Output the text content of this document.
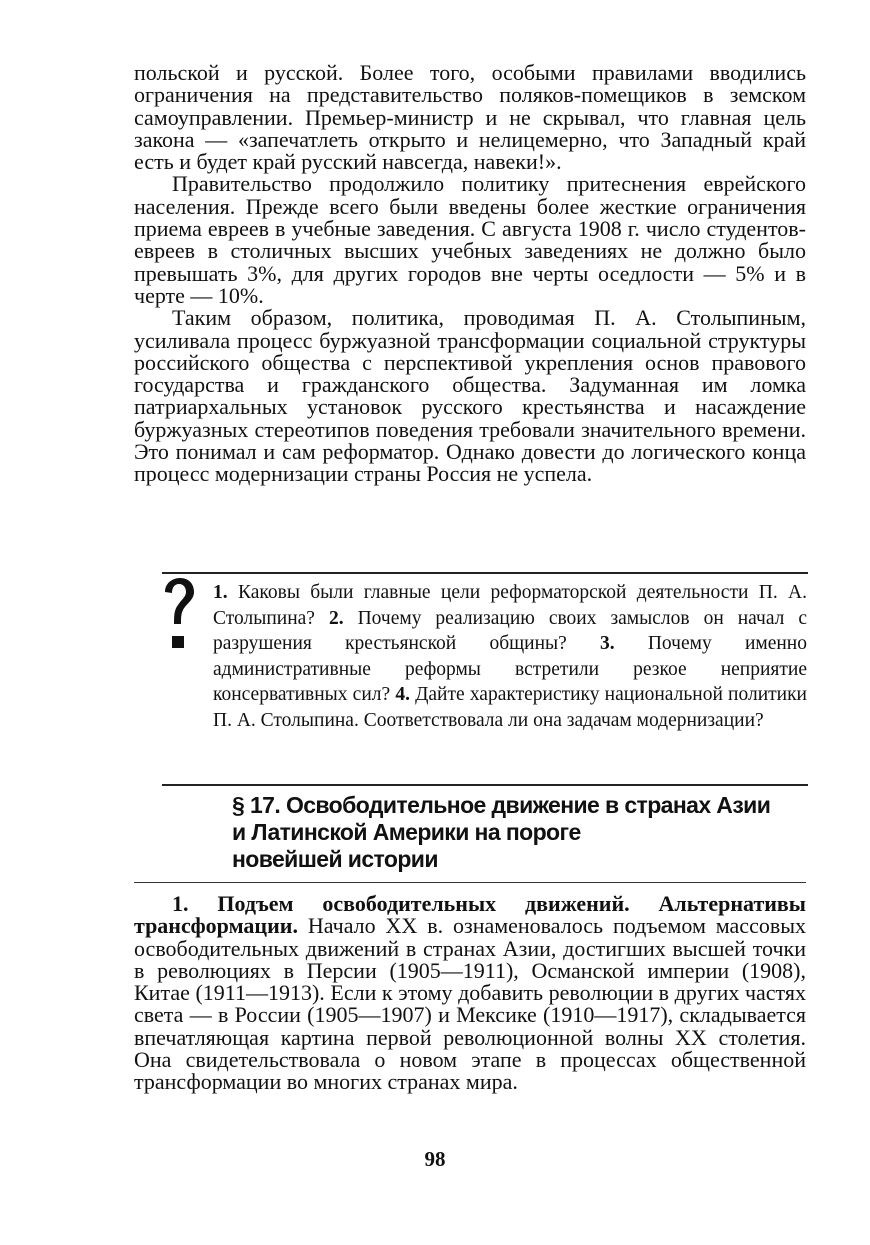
польской и русской. Более того, особыми правилами вводились ограничения на представительство поляков-помещиков в земском самоуправлении. Премьер-министр и не скрывал, что главная цель закона — «запечатлеть открыто и нелицемерно, что Западный край есть и будет край русский навсегда, навеки!».

Правительство продолжило политику притеснения еврейского населения. Прежде всего были введены более жесткие ограничения приема евреев в учебные заведения. С августа 1908 г. число студентов-евреев в столичных высших учебных заведениях не должно было превышать 3%, для других городов вне черты оседлости — 5% и в черте — 10%.

Таким образом, политика, проводимая П. А. Столыпиным, усиливала процесс буржуазной трансформации социальной структуры российского общества с перспективой укрепления основ правового государства и гражданского общества. Задуманная им ломка патриархальных установок русского крестьянства и насаждение буржуазных стереотипов поведения требовали значительного времени. Это понимал и сам реформатор. Однако довести до логического конца процесс модернизации страны Россия не успела.

1. Каковы были главные цели реформаторской деятельности П. А. Столыпина? 2. Почему реализацию своих замыслов он начал с разрушения крестьянской общины? 3. Почему именно административные реформы встретили резкое неприятие консервативных сил? 4. Дайте характеристику национальной политики П. А. Столыпина. Соответствовала ли она задачам модернизации?

§ 17. Освободительное движение в странах Азии
и Латинской Америки на пороге
новейшей истории

1. Подъем освободительных движений. Альтернативы трансформации. Начало XX в. ознаменовалось подъемом массовых освободительных движений в странах Азии, достигших высшей точки в революциях в Персии (1905—1911), Османской империи (1908), Китае (1911—1913). Если к этому добавить революции в других частях света — в России (1905—1907) и Мексике (1910—1917), складывается впечатляющая картина первой революционной волны XX столетия. Она свидетельствовала о новом этапе в процессах общественной трансформации во многих странах мира.

98
